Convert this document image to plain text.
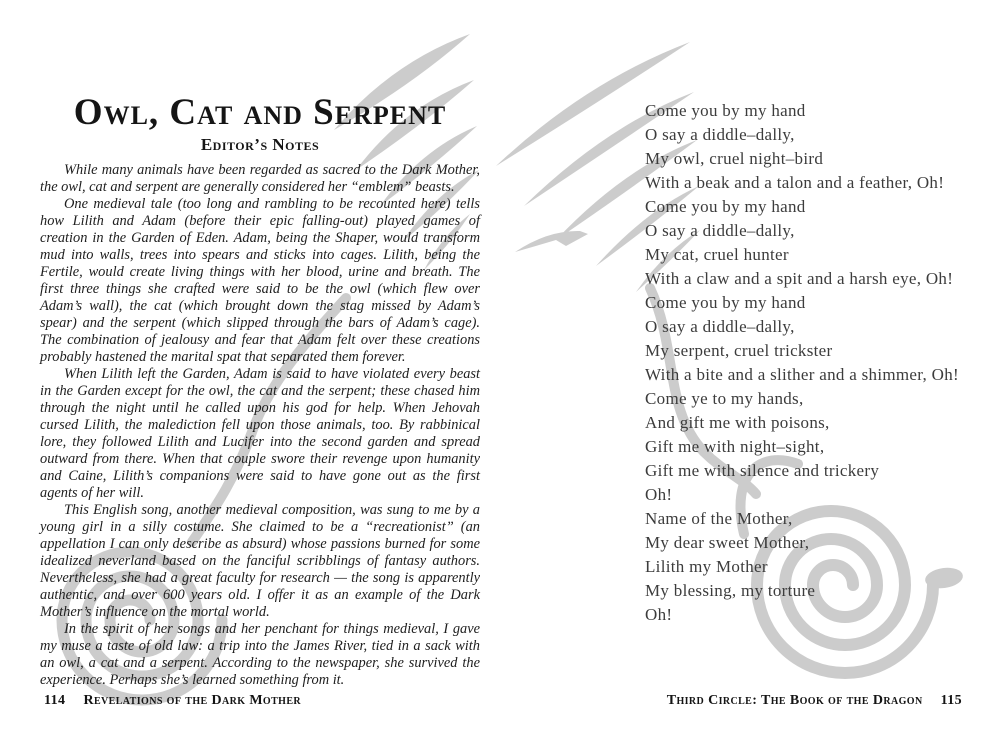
Owl, Cat and Serpent
Editor’s Notes

While many animals have been regarded as sacred to the Dark Mother, the owl, cat and serpent are generally considered her “emblem” beasts.

One medieval tale (too long and rambling to be recounted here) tells how Lilith and Adam (before their epic falling-out) played games of creation in the Garden of Eden. Adam, being the Shaper, would transform mud into walls, trees into spears and sticks into cages. Lilith, being the Fertile, would create living things with her blood, urine and breath. The first three things she crafted were said to be the owl (which flew over Adam’s wall), the cat (which brought down the stag missed by Adam’s spear) and the serpent (which slipped through the bars of Adam’s cage). The combination of jealousy and fear that Adam felt over these creations probably hastened the marital spat that separated them forever.

When Lilith left the Garden, Adam is said to have violated every beast in the Garden except for the owl, the cat and the serpent; these chased him through the night until he called upon his god for help. When Jehovah cursed Lilith, the malediction fell upon those animals, too. By rabbinical lore, they followed Lilith and Lucifer into the second garden and spread outward from there. When that couple swore their revenge upon humanity and Caine, Lilith’s companions were said to have gone out as the first agents of her will.

This English song, another medieval composition, was sung to me by a young girl in a silly costume. She claimed to be a “recreationist” (an appellation I can only describe as absurd) whose passions burned for some idealized neverland based on the fanciful scribblings of fantasy authors. Nevertheless, she had a great faculty for research — the song is apparently authentic, and over 600 years old. I offer it as an example of the Dark Mother’s influence on the mortal world.

In the spirit of her songs and her penchant for things medieval, I gave my muse a taste of old law: a trip into the James River, tied in a sack with an owl, a cat and a serpent. According to the newspaper, she survived the experience. Perhaps she’s learned something from it.

Come you by my hand
O say a diddle–dally,
My owl, cruel night–bird
With a beak and a talon and a feather, Oh!
Come you by my hand
O say a diddle–dally,
My cat, cruel hunter
With a claw and a spit and a harsh eye, Oh!
Come you by my hand
O say a diddle–dally,
My serpent, cruel trickster
With a bite and a slither and a shimmer, Oh!
Come ye to my hands,
And gift me with poisons,
Gift me with night–sight,
Gift me with silence and trickery
Oh!
Name of the Mother,
My dear sweet Mother,
Lilith my Mother
My blessing, my torture
Oh!
114 Revelations of the Dark Mother	Third Circle: The Book of the Dragon 115
